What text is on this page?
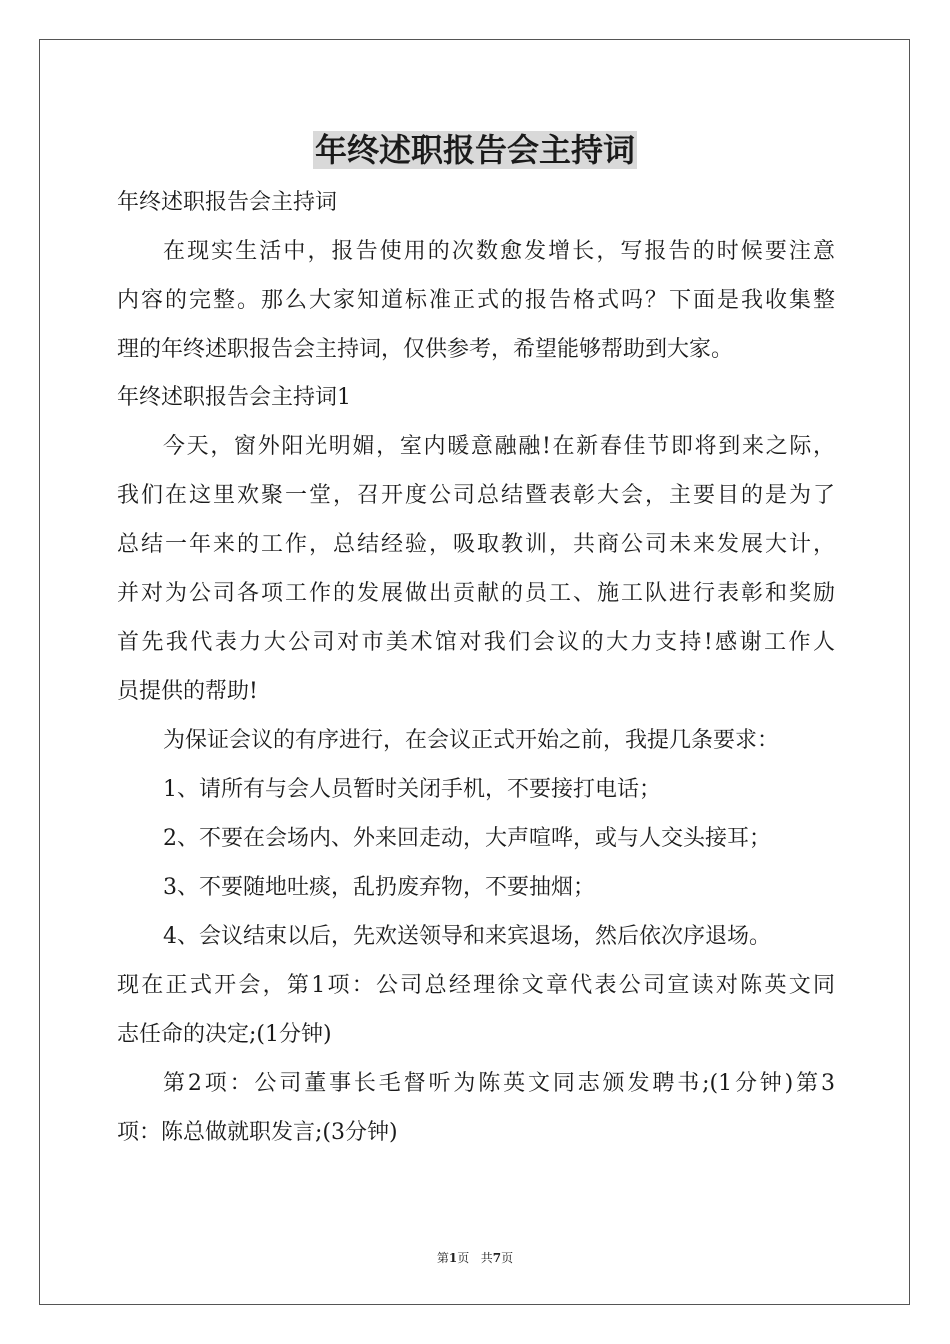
年终述职报告会主持词
年终述职报告会主持词
在现实生活中，报告使用的次数愈发增长，写报告的时候要注意
内容的完整。那么大家知道标准正式的报告格式吗？下面是我收集整
理的年终述职报告会主持词，仅供参考，希望能够帮助到大家。
年终述职报告会主持词1
今天，窗外阳光明媚，室内暖意融融!在新春佳节即将到来之际，
我们在这里欢聚一堂，召开度公司总结暨表彰大会，主要目的是为了
总结一年来的工作，总结经验，吸取教训，共商公司未来发展大计，
并对为公司各项工作的发展做出贡献的员工、施工队进行表彰和奖励
首先我代表力大公司对市美术馆对我们会议的大力支持!感谢工作人
员提供的帮助!
为保证会议的有序进行，在会议正式开始之前，我提几条要求：
1、请所有与会人员暂时关闭手机，不要接打电话；
2、不要在会场内、外来回走动，大声喧哗，或与人交头接耳；
3、不要随地吐痰，乱扔废弃物，不要抽烟；
4、会议结束以后，先欢送领导和来宾退场，然后依次序退场。
现在正式开会，第1项：公司总经理徐文章代表公司宣读对陈英文同
志任命的决定;(1分钟)
第2项：公司董事长毛督听为陈英文同志颁发聘书;(1分钟)第3
项：陈总做就职发言;(3分钟)
第1页 共7页
